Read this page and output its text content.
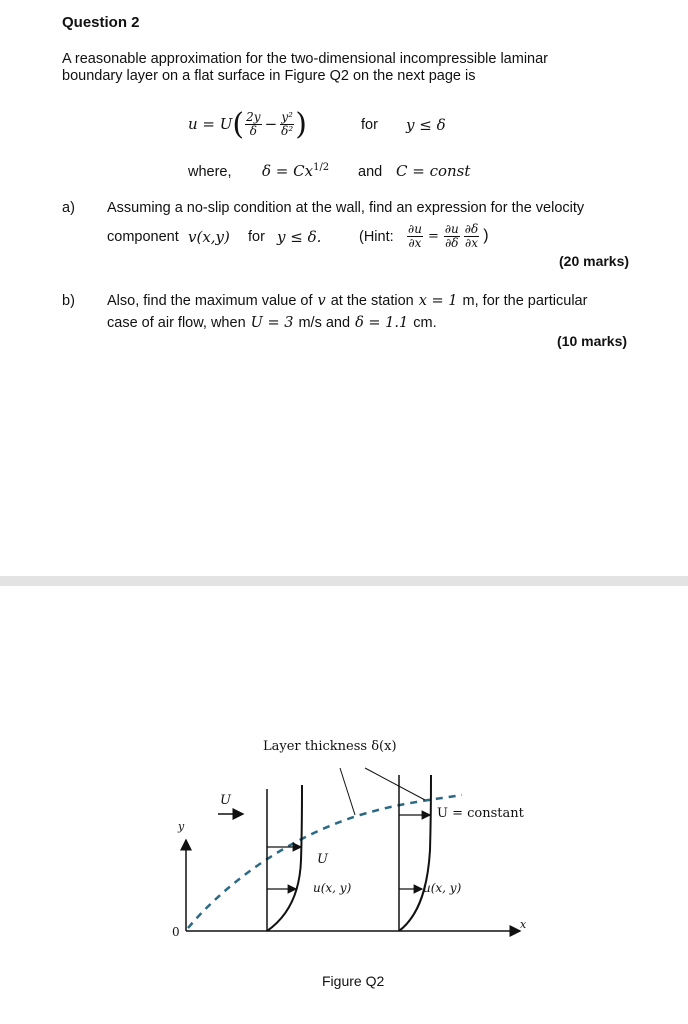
Question 2
A reasonable approximation for the two-dimensional incompressible laminar
boundary layer on a flat surface in Figure Q2 on the next page is
u = U ( $\frac{2y}{\delta} - \frac{\text{y²}}{\text{δ²}}$ )	for y ≤ δ
where, $\delta = Cx^{1/2}$ and C = const
a) Assuming a no-slip condition at the wall, find an expression for the velocity
component v(x,y) for y ≤ δ.	(Hint: $\frac{\partial u}{\partial x} = \frac{\partial u}{\partial\delta} \frac{\partial\delta}{\partial x}$ )
(20 marks)
b) Also, find the maximum value of v at the station x = 1 m, for the particular
case of air flow, when U = 3 m/s and δ = 1.1 cm.
(10 marks)
Layer thickness δ(x)
U
y
0
x
U
u(x, y)	u(x, y)
U = constant
Figure Q2
